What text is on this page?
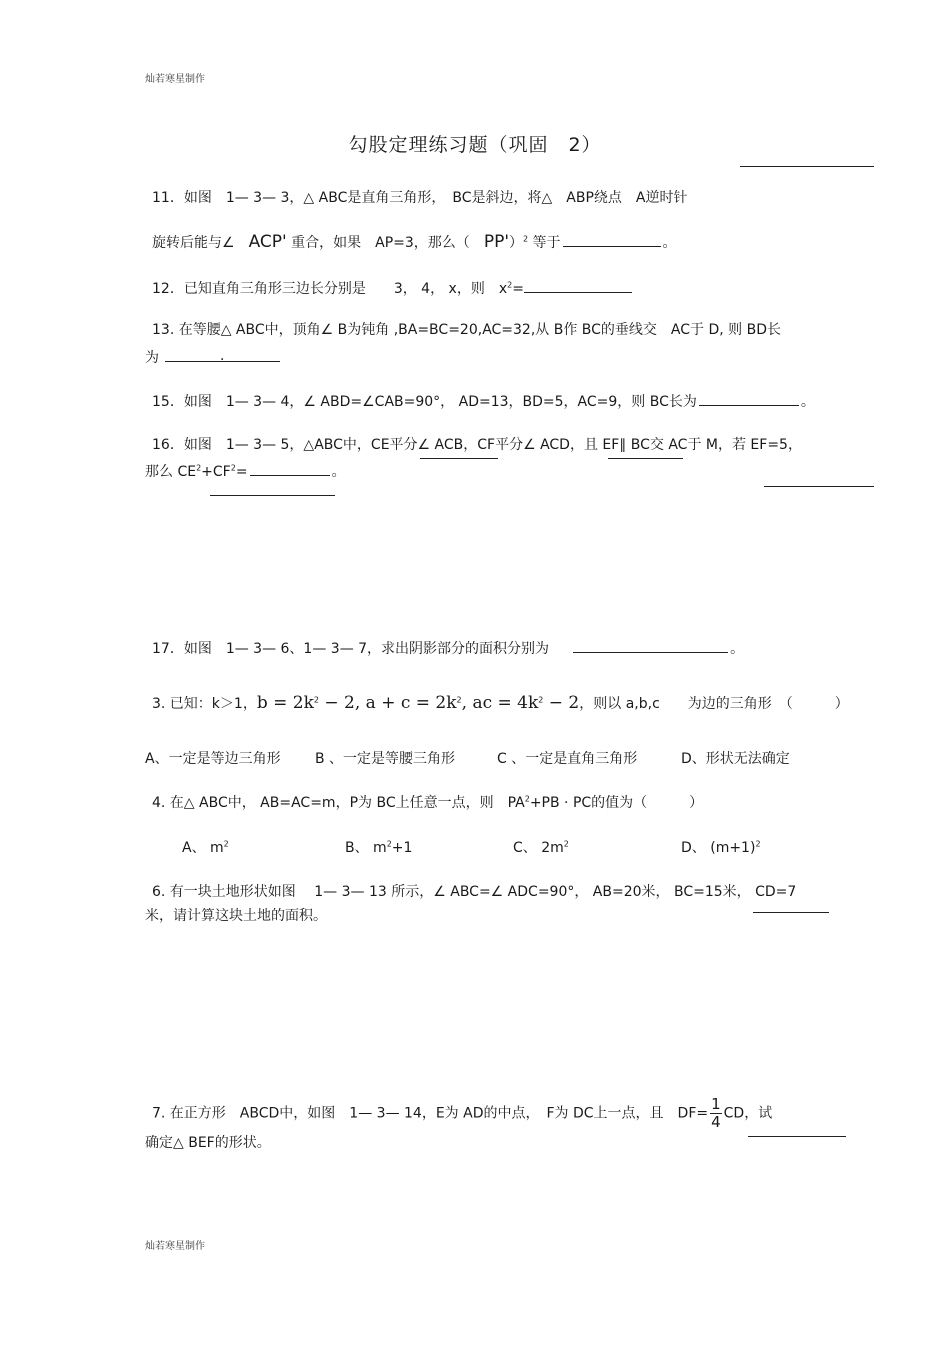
灿若寒星制作
勾股定理练习题（巩固　2）
11．如图　1— 3— 3，△ ABC是直角三角形，　BC是斜边，将△　ABP绕点　A逆时针
旋转后能与∠　ACP' 重合，如果　AP=3，那么（　PP'）$^2$ 等于	。
12．已知直角三角形三边长分别是　　3， 4， x，则　$x^2=$
13. 在等腰△ ABC中，顶角∠ B为钝角 ,BA=BC=20,AC=32,从 B作 BC的垂线交　AC于 D, 则 BD长
为	.
15．如图　1— 3— 4，∠ ABD=∠CAB=90°， AD=13，BD=5，AC=9，则 BC长为	。
16．如图　1— 3— 5，△ABC中，CE平分∠ ACB，CF平分∠ ACD，且 EF∥ BC交 AC于 M，若 EF=5，
那么 $CE^2+CF^2=$	。
17．如图　1— 3— 6、1— 3— 7，求出阴影部分的面积分别为	。
3. 已知：k＞1，$b = 2k^2 - 2$, $a + c = 2k^2$, ac = $4k^2 - 2$，则以 a,b,c　　为边的三角形　（　　　）
A、一定是等边三角形 B 、一定是等腰三角形	C 、一定是直角三角形	D、形状无法确定
4. 在△ ABC中， AB=AC=m，P为 BC上任意一点，则　$PA^2+PB$ · PC的值为（　　　）
A、 $m^2$	B、 $m^2+1$	C、 $2m^2$	D、 $(m+1)^2$
6. 有一块土地形状如图　 1— 3— 13 所示，∠ ABC=∠ ADC=90°， AB=20米， BC=15米， CD=7
米，请计算这块土地的面积。
7. 在正方形　ABCD中，如图　1— 3— 14，E为 AD的中点，　F为 DC上一点，且　$DF= \frac{1}{4}$ CD，试
确定△ BEF的形状。
灿若寒星制作
